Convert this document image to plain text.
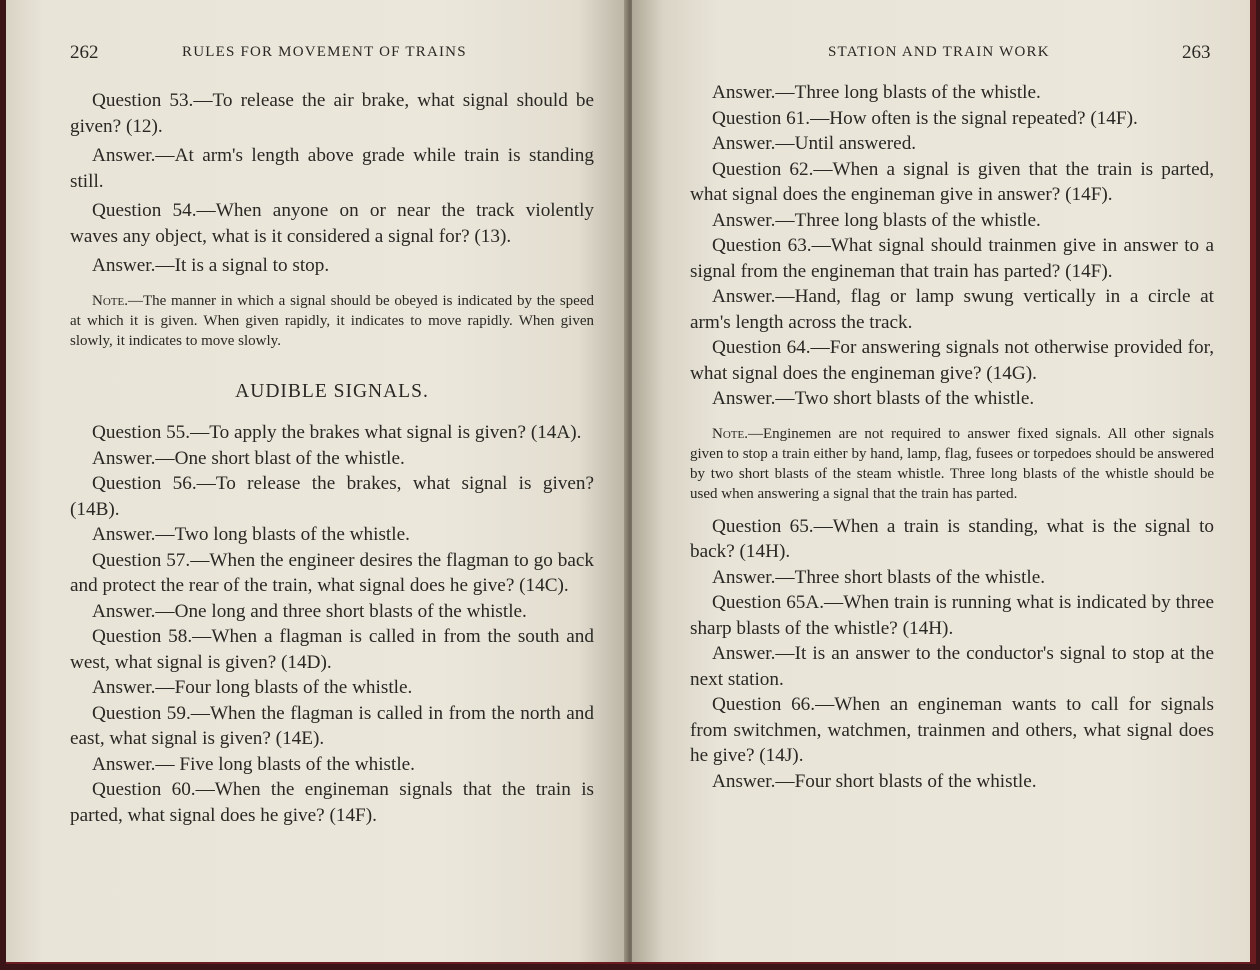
262	RULES FOR MOVEMENT OF TRAINS

Question 53.—To release the air brake, what signal should be given? (12).

Answer.—At arm's length above grade while train is standing still.

Question 54.—When anyone on or near the track violently waves any object, what is it considered a signal for? (13).

Answer.—It is a signal to stop.

Note.—The manner in which a signal should be obeyed is indicated by the speed at which it is given. When given rapidly, it indicates to move rapidly. When given slowly, it indicates to move slowly.

AUDIBLE SIGNALS.

Question 55.—To apply the brakes what signal is given? (14A).

Answer.—One short blast of the whistle.

Question 56.—To release the brakes, what signal is given? (14B).

Answer.—Two long blasts of the whistle.

Question 57.—When the engineer desires the flagman to go back and protect the rear of the train, what signal does he give? (14C).

Answer.—One long and three short blasts of the whistle.

Question 58.—When a flagman is called in from the south and west, what signal is given? (14D).

Answer.—Four long blasts of the whistle.

Question 59.—When the flagman is called in from the north and east, what signal is given? (14E).

Answer.— Five long blasts of the whistle.

Question 60.—When the engineman signals that the train is parted, what signal does he give? (14F).

STATION AND TRAIN WORK	263

Answer.—Three long blasts of the whistle.

Question 61.—How often is the signal repeated? (14F).

Answer.—Until answered.

Question 62.—When a signal is given that the train is parted, what signal does the engineman give in answer? (14F).

Answer.—Three long blasts of the whistle.

Question 63.—What signal should trainmen give in answer to a signal from the engineman that train has parted? (14F).

Answer.—Hand, flag or lamp swung vertically in a circle at arm's length across the track.

Question 64.—For answering signals not otherwise provided for, what signal does the engineman give? (14G).

Answer.—Two short blasts of the whistle.

Note.—Enginemen are not required to answer fixed signals. All other signals given to stop a train either by hand, lamp, flag, fusees or torpedoes should be answered by two short blasts of the steam whistle. Three long blasts of the whistle should be used when answering a signal that the train has parted.

Question 65.—When a train is standing, what is the signal to back? (14H).

Answer.—Three short blasts of the whistle.

Question 65A.—When train is running what is indicated by three sharp blasts of the whistle? (14H).

Answer.—It is an answer to the conductor's signal to stop at the next station.

Question 66.—When an engineman wants to call for signals from switchmen, watchmen, trainmen and others, what signal does he give? (14J).

Answer.—Four short blasts of the whistle.
